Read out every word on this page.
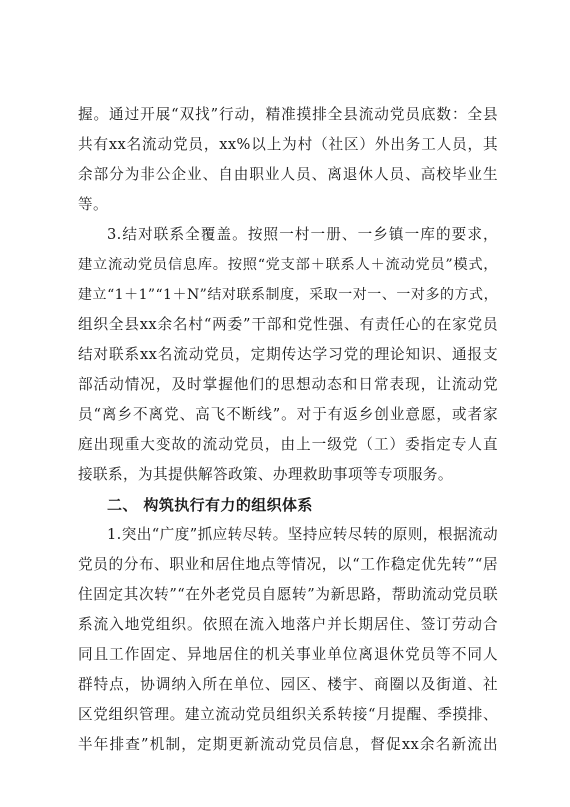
握。通过开展“双找”行动，精准摸排全县流动党员底数：全县
共有xx名流动党员，xx%以上为村（社区）外出务工人员，其
余部分为非公企业、自由职业人员、离退休人员、高校毕业生
等。
3.结对联系全覆盖。按照一村一册、一乡镇一库的要求，
建立流动党员信息库。按照“党支部＋联系人＋流动党员”模式，
建立“1＋1”“1＋N”结对联系制度，采取一对一、一对多的方式，
组织全县xx余名村“两委”干部和党性强、有责任心的在家党员
结对联系xx名流动党员，定期传达学习党的理论知识、通报支
部活动情况，及时掌握他们的思想动态和日常表现，让流动党
员“离乡不离党、高飞不断线”。对于有返乡创业意愿，或者家
庭出现重大变故的流动党员，由上一级党（工）委指定专人直
接联系，为其提供解答政策、办理救助事项等专项服务。
二、 构筑执行有力的组织体系
1.突出“广度”抓应转尽转。坚持应转尽转的原则，根据流动
党员的分布、职业和居住地点等情况，以“工作稳定优先转”“居
住固定其次转”“在外老党员自愿转”为新思路，帮助流动党员联
系流入地党组织。依照在流入地落户并长期居住、签订劳动合
同且工作固定、异地居住的机关事业单位离退休党员等不同人
群特点，协调纳入所在单位、园区、楼宇、商圈以及街道、社
区党组织管理。建立流动党员组织关系转接“月提醒、季摸排、
半年排查”机制，定期更新流动党员信息，督促xx余名新流出
